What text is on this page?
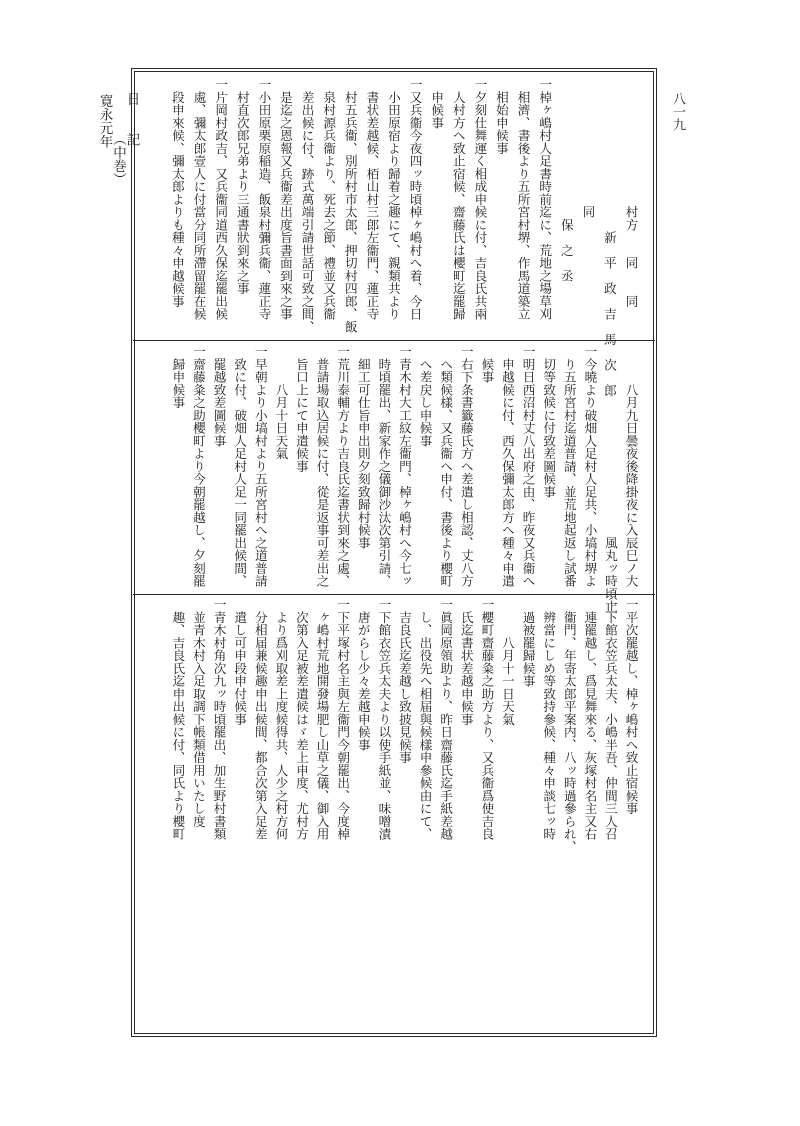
日　　記
（中巻）
寛永元年	八一九
一平次罷越し、棹ヶ嶋村へ致止宿候事
一下館衣笠兵太夫、小嶋半吾、仲間三人召
　連罷越し、爲見舞來る、灰塚村名主又右
　衞門、年寄太郎平案内、八ッ時過參られ、
　辨當にしめ等致持參候、種々申談七ッ時
　過被罷歸候事
　　　八月十一日天氣
一櫻町齋藤粂之助方より、又兵衞爲使吉良
　氏迄書状差越申候事
一眞岡原領助より、昨日齋藤氏迄手紙差越
　し、出役先へ相届與候樣申參候由にて、
　吉良氏迄差越し致披見候事
一下館衣笠兵太夫より以使手紙並、味噌漬
　唐がらし少々差越申候事
一下平塚村名主與左衞門今朝罷出、今度棹
　ヶ嶋村荒地開發場肥し山草之儀、御入用
　次第入足被差遣候はゞ差上申度、尤村方
　より爲刈取差上度候得共、人少之村方何
　分相届兼候趣申出候間、都合次第入足差
　遣し可申段申付候事
一青木村角次九ッ時頃罷出、加生野村書類
　並青木村入足取調下帳類借用いたし度
　趣、吉良氏迄申出候に付、同氏より櫻町
　　　八月九日曇夜後降掛夜に入辰巳ノ大
　　　　　　　　　　　　　　　風丸ッ時頃止
一今曉より破畑人足村人足共、小塙村堺よ
　り五所宮村迄道普請、並荒地起返し試番
　切等致候に付致差圖候事
一明日西沼村丈八出府之由、昨夜又兵衞へ
　申越候に付、西久保彌太郎方へ種々申遣
　候事
一右下条書籤藤氏方へ差遣し相認、丈八方
　へ類候樣、又兵衞へ申付、書後より櫻町
　へ差戻し申候事
一青木村大工紋左衞門、棹ヶ嶋村へ今七ッ
　時頃罷出、新家作之儀御沙汰次第引請、
　細工可仕旨申出則夕刻致歸村候事
一荒川泰輔方より吉良氏迄書状到來之處、
　普請場取込居候に付、從是返事可差出之
　旨口上にて申遣候事
　　　八月十日天氣
一早朝より小塙村より五所宮村へ之道普請
　致に付、破畑人足村人足一同罷出候間、
　罷越致差圖候事
一齋藤粂之助櫻町より今朝罷越し、夕刻罷
　歸申候事
　　　　　　　　　　村方　　同　　同
　　　　　　　　　　　　新　平　政　吉　馬　次　郎
　　　　　　　　　　同
　　　　　　　　　　　保　之　丞
一棹ヶ嶋村人足書時前迄に、荒地之場草刈
　相濟、書後より五所宮村堺、作馬道築立
　相始申候事
一夕刻仕舞運く相成申候に付、吉良氏共兩
　人村方へ致止宿候、齋藤氏は櫻町迄罷歸
　申候事
一又兵衞今夜四ッ時頃棹ヶ嶋村へ着、今日
　小田原宿より歸着之趣にて、親類共より
　書状差越候、栢山村三郎左衞門、蓮正寺
　村五兵衞、別所村市太郎、押切村四郎、飯
　泉村源兵衞より、死去之節、禮並又兵衞
　差出候に付、跡式萬端引請世話可致之間、
　是迄之恩報又兵衞差出度旨書面到來之事
一小田原栗原稲造、飯泉村彌兵衞、蓮正寺
　村直次郎兄弟より三通書狀到來之事
一片岡村政吉、又兵衞同道西久保迄罷出候
　處、彌太郎壹人に付當分同所滯留罷在候
　段申來候、彌太郎よりも種々申越候事
